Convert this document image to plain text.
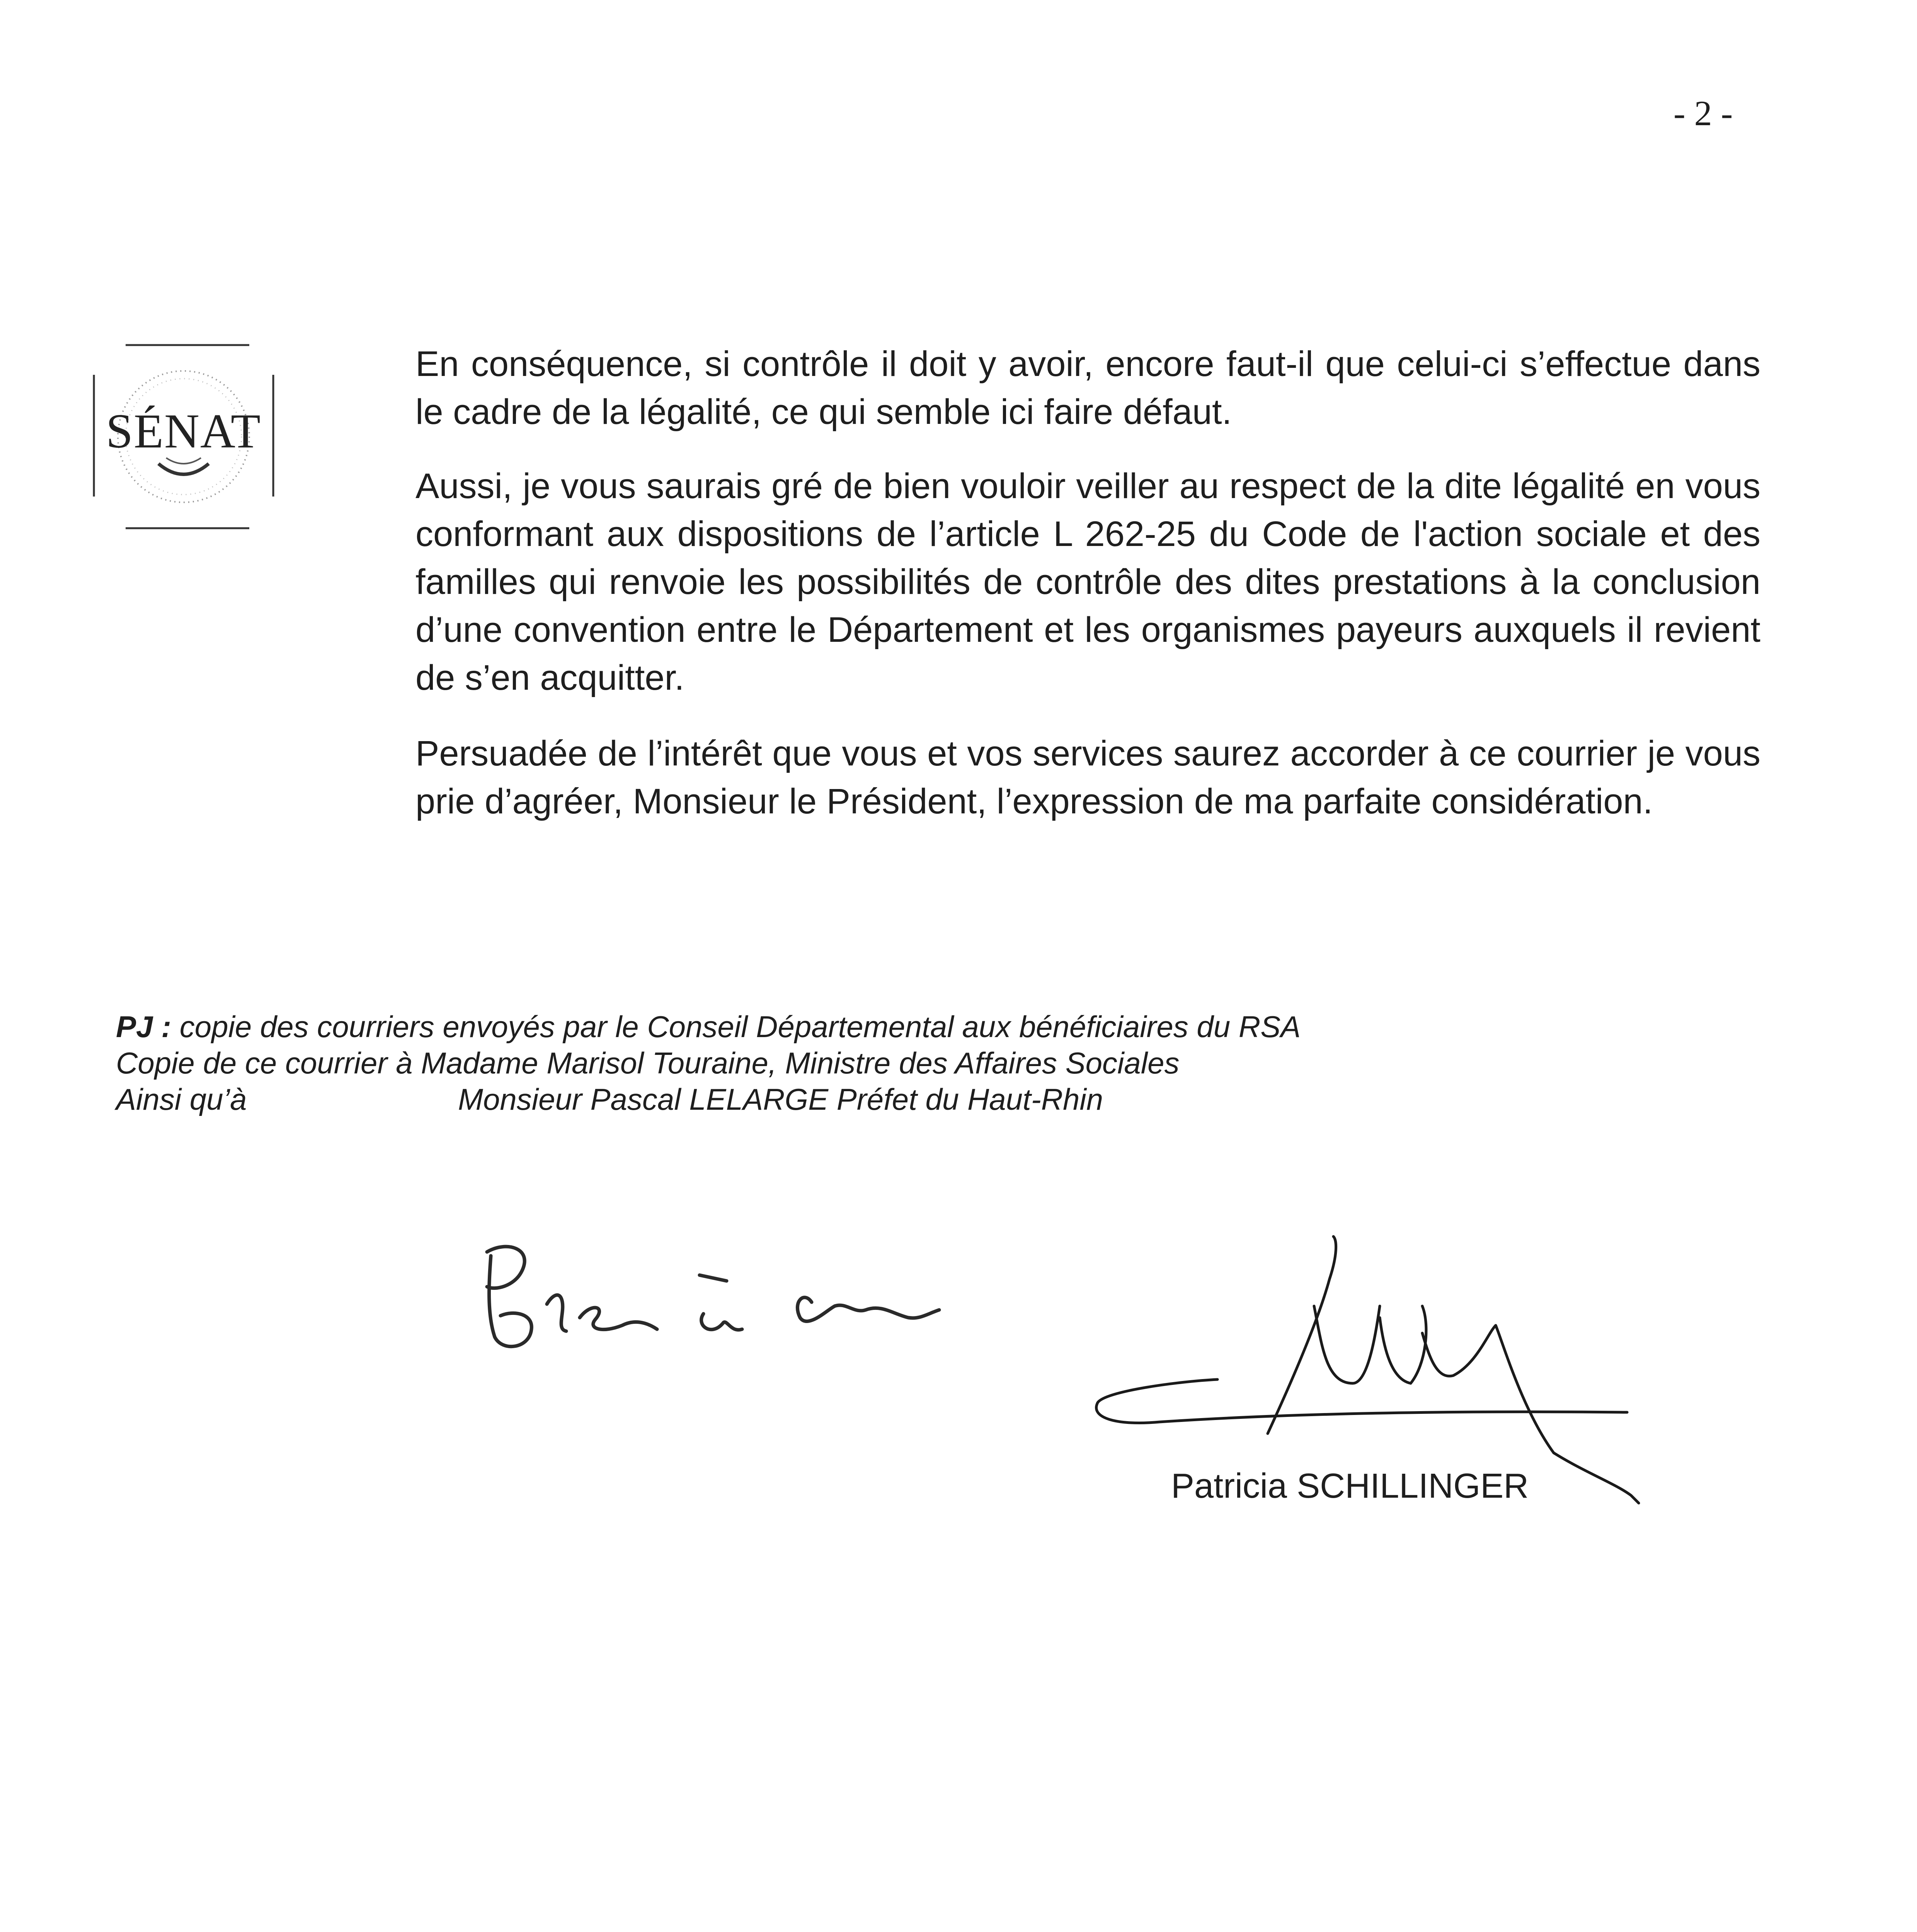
- 2 -
SÉNAT

En conséquence, si contrôle il doit y avoir, encore faut-il que celui-ci s’effectue dans le cadre de la légalité, ce qui semble ici faire défaut.

Aussi, je vous saurais gré de bien vouloir veiller au respect de la dite légalité en vous conformant aux dispositions de l’article L 262-25 du Code de l'action sociale et des familles qui renvoie les possibilités de contrôle des dites prestations à la conclusion d’une convention entre le Département et les organismes payeurs auxquels il revient de s’en acquitter.

Persuadée de l’intérêt que vous et vos services saurez accorder à ce courrier je vous prie d’agréer, Monsieur le Président, l’expression de ma parfaite considération.

PJ : copie des courriers envoyés par le Conseil Départemental aux bénéficiaires du RSA
Copie de ce courrier à Madame Marisol Touraine, Ministre des Affaires Sociales
Ainsi qu’à	Monsieur Pascal LELARGE Préfet du Haut-Rhin
Patricia SCHILLINGER
